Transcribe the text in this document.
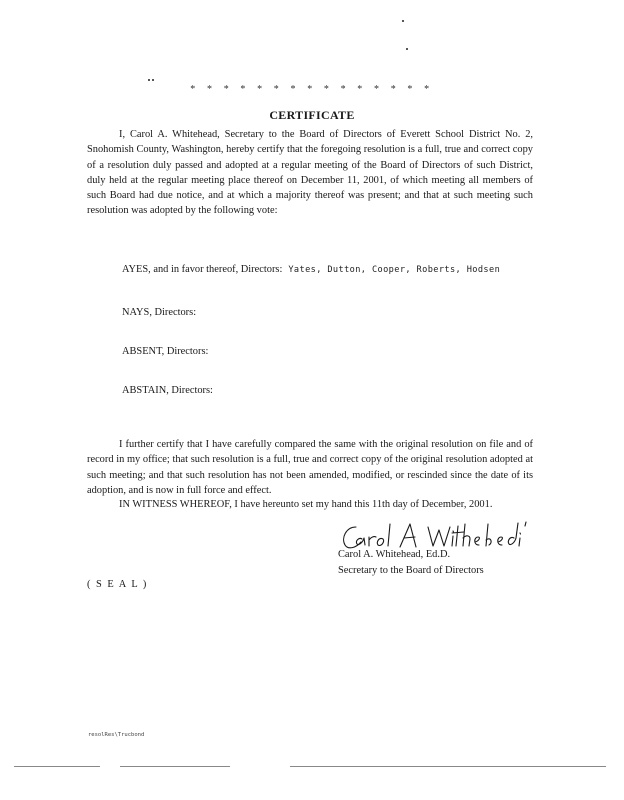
* * * * * * * * * * * * * * *
CERTIFICATE
I, Carol A. Whitehead, Secretary to the Board of Directors of Everett School District No. 2, Snohomish County, Washington, hereby certify that the foregoing resolution is a full, true and correct copy of a resolution duly passed and adopted at a regular meeting of the Board of Directors of such District, duly held at the regular meeting place thereof on December 11, 2001, of which meeting all members of such Board had due notice, and at which a majority thereof was present; and that at such meeting such resolution was adopted by the following vote:
AYES, and in favor thereof, Directors: Yates, Dutton, Cooper, Roberts, Hodsen
NAYS, Directors:
ABSENT, Directors:
ABSTAIN, Directors:
I further certify that I have carefully compared the same with the original resolution on file and of record in my office; that such resolution is a full, true and correct copy of the original resolution adopted at such meeting; and that such resolution has not been amended, modified, or rescinded since the date of its adoption, and is now in full force and effect.
IN WITNESS WHEREOF, I have hereunto set my hand this 11th day of December, 2001.
Carol A. Whitehead, Ed.D.
Secretary to the Board of Directors
( S E A L )
resolRes\Trucbond
